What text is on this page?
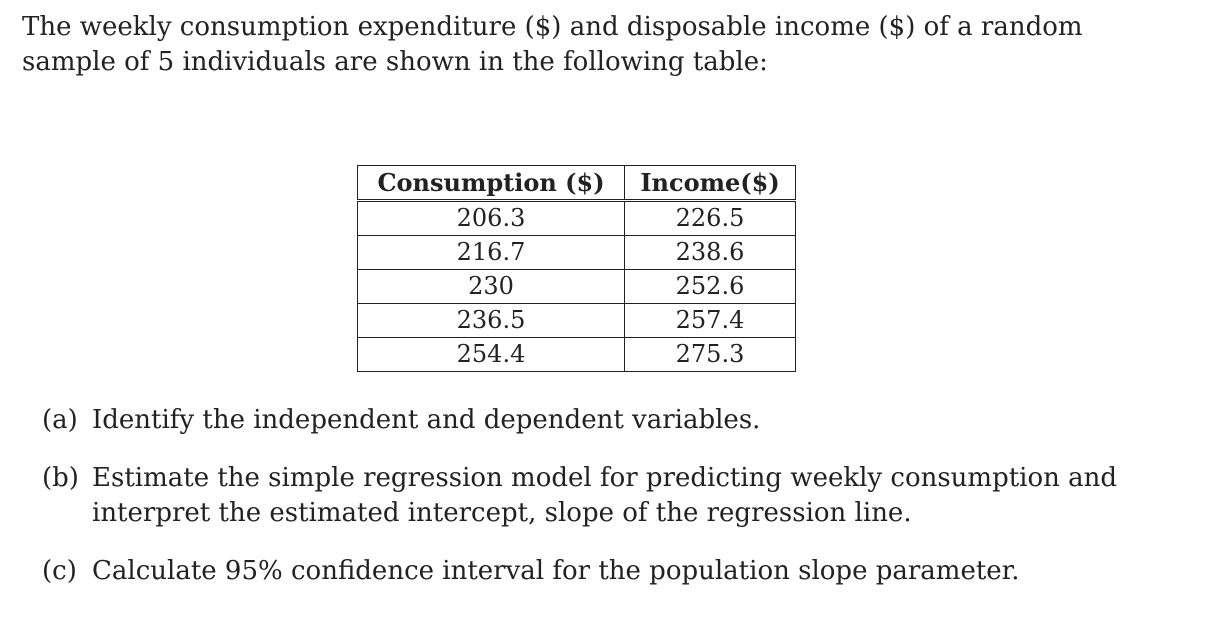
The weekly consumption expenditure ($) and disposable income ($) of a random sample of 5 individuals are shown in the following table:

Consumption ($)	Income($)
206.3	226.5
216.7	238.6
230	252.6
236.5	257.4
254.4	275.3
(a) Identify the independent and dependent variables.
(b) Estimate the simple regression model for predicting weekly consumption and interpret the estimated intercept, slope of the regression line.
(c) Calculate 95% confidence interval for the population slope parameter.
